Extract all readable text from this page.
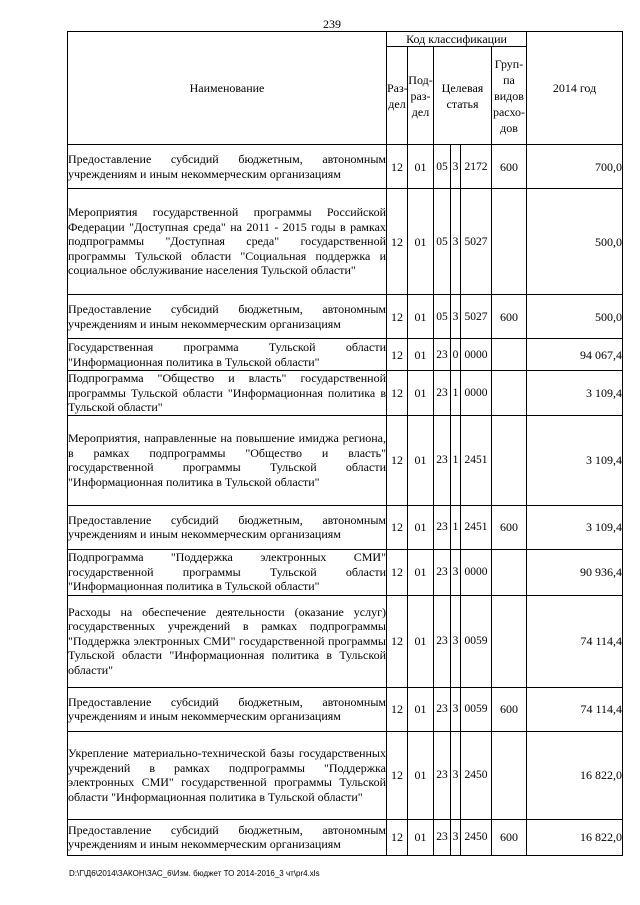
239
Наименование	Код классификации						2014 год
	Раз-дел	Под-раз-дел	Целевая статья			Груп-па видов расхо-дов	
Предоставление субсидий бюджетным, автономным учреждениям и иным некоммерческим организациям	12	01	05	3	2172	600	700,0
Мероприятия государственной программы Российской Федерации "Доступная среда" на 2011 - 2015 годы в рамках подпрограммы "Доступная среда" государственной программы Тульской области "Социальная поддержка и социальное обслуживание населения Тульской области"	12	01	05	3	5027		500,0
Предоставление субсидий бюджетным, автономным учреждениям и иным некоммерческим организациям	12	01	05	3	5027	600	500,0
Государственная программа Тульской области "Информационная политика в Тульской области"	12	01	23	0	0000		94 067,4
Подпрограмма "Общество и власть" государственной программы Тульской области "Информационная политика в Тульской области"	12	01	23	1	0000		3 109,4
Мероприятия, направленные на повышение имиджа региона, в рамках подпрограммы "Общество и власть" государственной программы Тульской области "Информационная политика в Тульской области"	12	01	23	1	2451		3 109,4
Предоставление субсидий бюджетным, автономным учреждениям и иным некоммерческим организациям	12	01	23	1	2451	600	3 109,4
Подпрограмма "Поддержка электронных СМИ" государственной программы Тульской области "Информационная политика в Тульской области"	12	01	23	3	0000		90 936,4
Расходы на обеспечение деятельности (оказание услуг) государственных учреждений в рамках подпрограммы "Поддержка электронных СМИ" государственной программы Тульской области "Информационная политика в Тульской области"	12	01	23	3	0059		74 114,4
Предоставление субсидий бюджетным, автономным учреждениям и иным некоммерческим организациям	12	01	23	3	0059	600	74 114,4
Укрепление материально-технической базы государственных учреждений в рамках подпрограммы "Поддержка электронных СМИ" государственной программы Тульской области "Информационная политика в Тульской области"	12	01	23	3	2450		16 822,0
Предоставление субсидий бюджетным, автономным учреждениям и иным некоммерческим организациям	12	01	23	3	2450	600	16 822,0
D:\Г\Д6\2014\ЗАКОН\ЗАС_6\Изм. бюджет ТО 2014-2016_3 чт\pr4.xls
